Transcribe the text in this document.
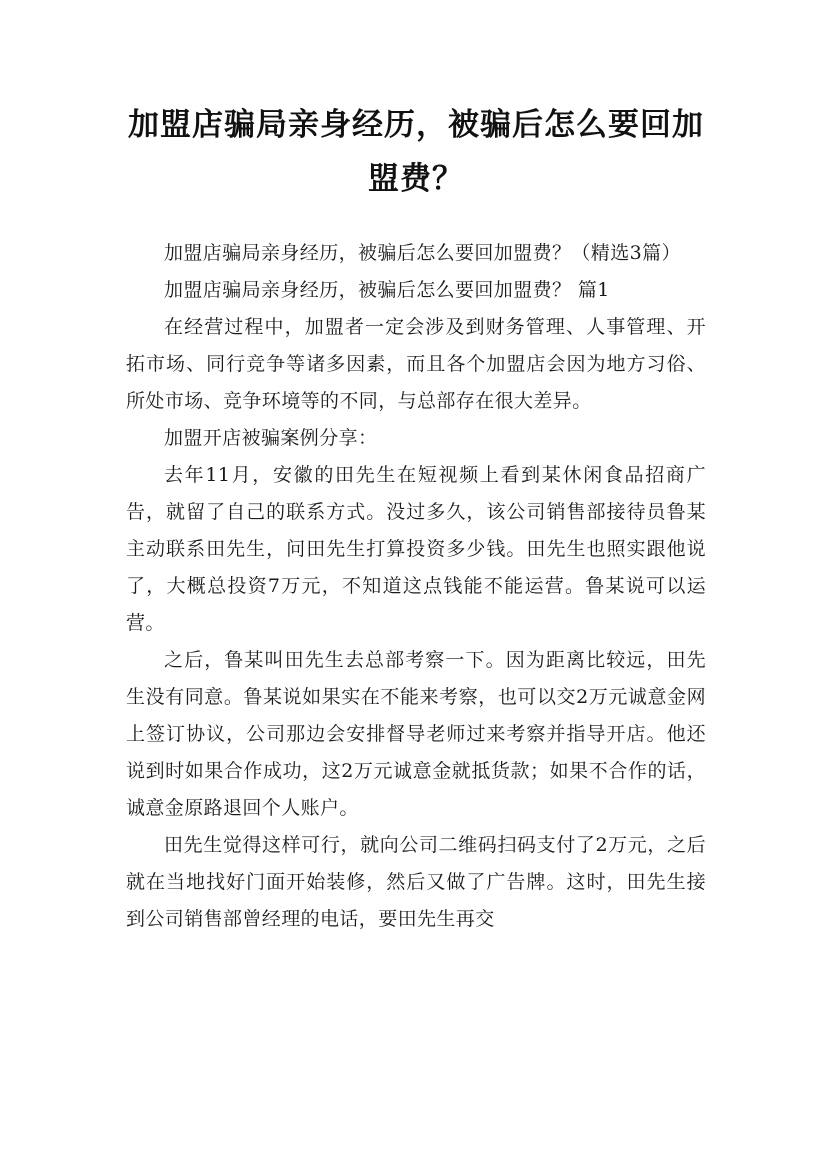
加盟店骗局亲身经历，被骗后怎么要回加盟费？

加盟店骗局亲身经历，被骗后怎么要回加盟费？（精选3篇）

加盟店骗局亲身经历，被骗后怎么要回加盟费？ 篇1

在经营过程中，加盟者一定会涉及到财务管理、人事管理、开拓市场、同行竞争等诸多因素，而且各个加盟店会因为地方习俗、所处市场、竞争环境等的不同，与总部存在很大差异。

加盟开店被骗案例分享：

去年11月，安徽的田先生在短视频上看到某休闲食品招商广告，就留了自己的联系方式。没过多久，该公司销售部接待员鲁某主动联系田先生，问田先生打算投资多少钱。田先生也照实跟他说了，大概总投资7万元，不知道这点钱能不能运营。鲁某说可以运营。

之后，鲁某叫田先生去总部考察一下。因为距离比较远，田先生没有同意。鲁某说如果实在不能来考察，也可以交2万元诚意金网上签订协议，公司那边会安排督导老师过来考察并指导开店。他还说到时如果合作成功，这2万元诚意金就抵货款；如果不合作的话，诚意金原路退回个人账户。

田先生觉得这样可行，就向公司二维码扫码支付了2万元，之后就在当地找好门面开始装修，然后又做了广告牌。这时，田先生接到公司销售部曾经理的电话，要田先生再交
